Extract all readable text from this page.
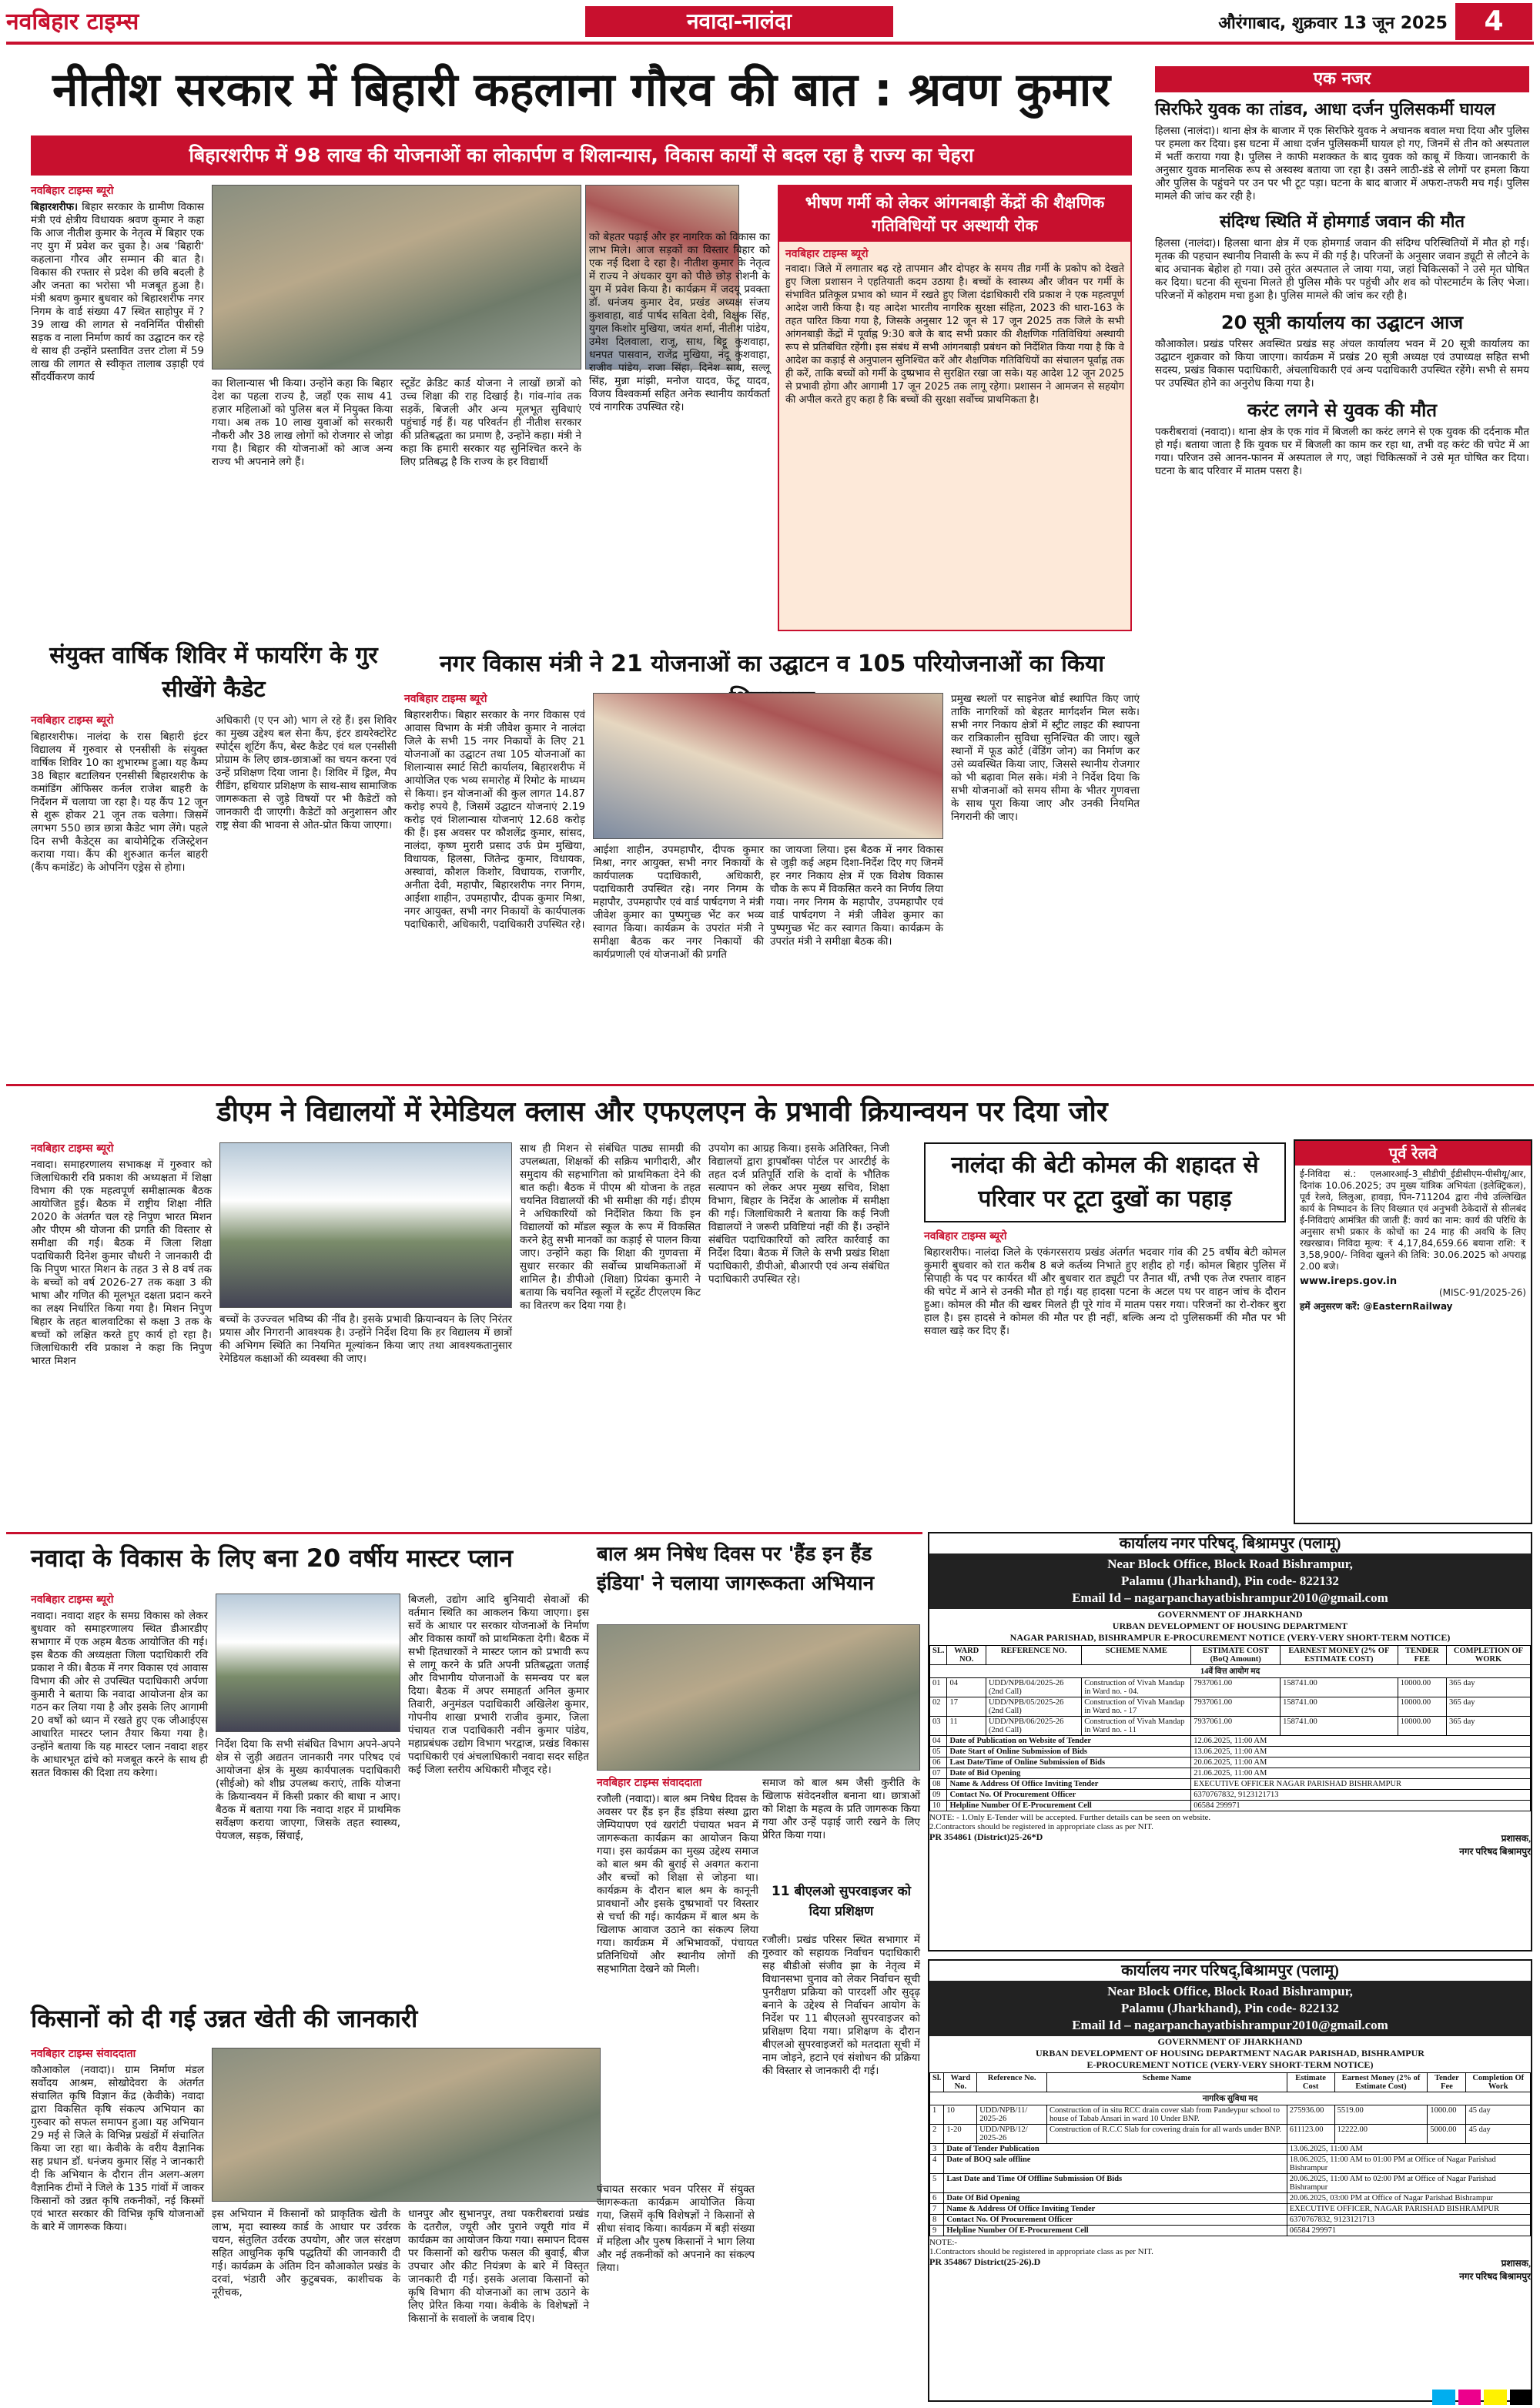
नवबिहार टाइम्स	नवादा-नालंदा	औरंगाबाद, शुक्रवार 13 जून 2025	4
नीतीश सरकार में बिहारी कहलाना गौरव की बात : श्रवण कुमार
बिहारशरीफ में 98 लाख की योजनाओं का लोकार्पण व शिलान्यास, विकास कार्यों से बदल रहा है राज्य का चेहरा
नवबिहार टाइम्स ब्यूरो
बिहारशरीफ। बिहार सरकार के ग्रामीण विकास मंत्री एवं क्षेत्रीय विधायक श्रवण कुमार ने कहा कि आज नीतीश कुमार के नेतृत्व में बिहार एक नए युग में प्रवेश कर चुका है। अब 'बिहारी' कहलाना गौरव और सम्मान की बात है। विकास की रफ्तार से प्रदेश की छवि बदली है और जनता का भरोसा भी मजबूत हुआ है। मंत्री श्रवण कुमार बुधवार को बिहारशरीफ नगर निगम के वार्ड संख्या 47 स्थित साहोपुर में ?39 लाख की लागत से नवनिर्मित पीसीसी सड़क व नाला निर्माण कार्य का उद्घाटन कर रहे थे साथ ही उन्होंने प्रस्तावित उत्तर टोला में 59 लाख की लागत से स्वीकृत तालाब उड़ाही एवं सौंदर्यीकरण कार्य	का शिलान्यास भी किया। उन्होंने कहा कि बिहार देश का पहला राज्य है, जहाँ एक साथ 41 हज़ार महिलाओं को पुलिस बल में नियुक्त किया गया। अब तक 10 लाख युवाओं को सरकारी नौकरी और 38 लाख लोगों को रोजगार से जोड़ा गया है। बिहार की योजनाओं को आज अन्य राज्य भी अपनाने लगे हैं।
स्टूडेंट क्रेडिट कार्ड योजना ने लाखों छात्रों को उच्च शिक्षा की राह दिखाई है। गांव-गांव तक सड़कें, बिजली और अन्य मूलभूत सुविधाएं पहुंचाई गई हैं। यह परिवर्तन ही नीतीश सरकार की प्रतिबद्धता का प्रमाण है, उन्होंने कहा। मंत्री ने कहा कि हमारी सरकार यह सुनिश्चित करने के लिए प्रतिबद्ध है कि राज्य के हर विद्यार्थी
को बेहतर पढ़ाई और हर नागरिक को विकास का लाभ मिले। आज सड़कों का विस्तार बिहार को एक नई दिशा दे रहा है। नीतीश कुमार के नेतृत्व में राज्य ने अंधकार युग को पीछे छोड़ रोशनी के युग में प्रवेश किया है। कार्यक्रम में जदयू प्रवक्ता डॉ. धनंजय कुमार देव, प्रखंड अध्यक्ष संजय कुशवाहा, वार्ड पार्षद सविता देवी, विक्षुक सिंह, युगल किशोर मुखिया, जयंत शर्मा, नीतीश पांडेय, उमेश दिलवाला, राजू, साथ, बिट्टू कुशवाहा, धनपत पासवान, राजेंद्र मुखिया, नंदू कुशवाहा, राजीव पांडेय, राजा सिंहा, दिनेश साव, सल्लू सिंह, मुन्ना मांझी, मनोज यादव, फेंटू यादव, विजय विश्वकर्मा सहित अनेक स्थानीय कार्यकर्ता एवं नागरिक उपस्थित रहे।
भीषण गर्मी को लेकर आंगनबाड़ी केंद्रों की शैक्षणिक गतिविधियों पर अस्थायी रोक
नवबिहार टाइम्स ब्यूरो
नवादा। जिले में लगातार बढ़ रहे तापमान और दोपहर के समय तीव्र गर्मी के प्रकोप को देखते हुए जिला प्रशासन ने एहतियाती कदम उठाया है। बच्चों के स्वास्थ्य और जीवन पर गर्मी के संभावित प्रतिकूल प्रभाव को ध्यान में रखते हुए जिला दंडाधिकारी रवि प्रकाश ने एक महत्वपूर्ण आदेश जारी किया है। यह आदेश भारतीय नागरिक सुरक्षा संहिता, 2023 की धारा-163 के तहत पारित किया गया है, जिसके अनुसार 12 जून से 17 जून 2025 तक जिले के सभी आंगनबाड़ी केंद्रों में पूर्वाह्न 9:30 बजे के बाद सभी प्रकार की शैक्षणिक गतिविधियां अस्थायी रूप से प्रतिबंधित रहेंगी। इस संबंध में सभी आंगनबाड़ी प्रबंधन को निर्देशित किया गया है कि वे आदेश का कड़ाई से अनुपालन सुनिश्चित करें और शैक्षणिक गतिविधियों का संचालन पूर्वाह्न तक ही करें, ताकि बच्चों को गर्मी के दुष्प्रभाव से सुरक्षित रखा जा सके। यह आदेश 12 जून 2025 से प्रभावी होगा और आगामी 17 जून 2025 तक लागू रहेगा। प्रशासन ने आमजन से सहयोग की अपील करते हुए कहा है कि बच्चों की सुरक्षा सर्वोच्च प्राथमिकता है।
एक नजर
सिरफिरे युवक का तांडव, आधा दर्जन पुलिसकर्मी घायल
हिलसा (नालंदा)। थाना क्षेत्र के बाजार में एक सिरफिरे युवक ने अचानक बवाल मचा दिया और पुलिस पर हमला कर दिया। इस घटना में आधा दर्जन पुलिसकर्मी घायल हो गए, जिनमें से तीन को अस्पताल में भर्ती कराया गया है। पुलिस ने काफी मशक्कत के बाद युवक को काबू में किया। जानकारी के अनुसार युवक मानसिक रूप से अस्वस्थ बताया जा रहा है। उसने लाठी-डंडे से लोगों पर हमला किया और पुलिस के पहुंचने पर उन पर भी टूट पड़ा। घटना के बाद बाजार में अफरा-तफरी मच गई। पुलिस मामले की जांच कर रही है।
संदिग्ध स्थिति में होमगार्ड जवान की मौत
हिलसा (नालंदा)। हिलसा थाना क्षेत्र में एक होमगार्ड जवान की संदिग्ध परिस्थितियों में मौत हो गई। मृतक की पहचान स्थानीय निवासी के रूप में की गई है। परिजनों के अनुसार जवान ड्यूटी से लौटने के बाद अचानक बेहोश हो गया। उसे तुरंत अस्पताल ले जाया गया, जहां चिकित्सकों ने उसे मृत घोषित कर दिया। घटना की सूचना मिलते ही पुलिस मौके पर पहुंची और शव को पोस्टमार्टम के लिए भेजा। परिजनों में कोहराम मचा हुआ है। पुलिस मामले की जांच कर रही है।
20 सूत्री कार्यालय का उद्घाटन आज
कौआकोल। प्रखंड परिसर अवस्थित प्रखंड सह अंचल कार्यालय भवन में 20 सूत्री कार्यालय का उद्घाटन शुक्रवार को किया जाएगा। कार्यक्रम में प्रखंड 20 सूत्री अध्यक्ष एवं उपाध्यक्ष सहित सभी सदस्य, प्रखंड विकास पदाधिकारी, अंचलाधिकारी एवं अन्य पदाधिकारी उपस्थित रहेंगे। सभी से समय पर उपस्थित होने का अनुरोध किया गया है।
करंट लगने से युवक की मौत
पकरीबरावां (नवादा)। थाना क्षेत्र के एक गांव में बिजली का करंट लगने से एक युवक की दर्दनाक मौत हो गई। बताया जाता है कि युवक घर में बिजली का काम कर रहा था, तभी वह करंट की चपेट में आ गया। परिजन उसे आनन-फानन में अस्पताल ले गए, जहां चिकित्सकों ने उसे मृत घोषित कर दिया। घटना के बाद परिवार में मातम पसरा है।
संयुक्त वार्षिक शिविर में फायरिंग के गुर सीखेंगे कैडेट
नवबिहार टाइम्स ब्यूरो
बिहारशरीफ। नालंदा के रास बिहारी इंटर विद्यालय में गुरुवार से एनसीसी के संयुक्त वार्षिक शिविर 10 का शुभारम्भ हुआ। यह कैम्प 38 बिहार बटालियन एनसीसी बिहारशरीफ के कमांडिंग ऑफिसर कर्नल राजेश बाहरी के निर्देशन में चलाया जा रहा है। यह कैंप 12 जून से शुरू होकर 21 जून तक चलेगा। जिसमें लगभग 550 छात्र छात्रा कैडेट भाग लेंगे। पहले दिन सभी कैडेट्स का बायोमेट्रिक रजिस्ट्रेशन कराया गया। कैंप की शुरुआत कर्नल बाहरी (कैंप कमांडेंट) के ओपनिंग एड्रेस से होगा।
अधिकारी (ए एन ओ) भाग ले रहे हैं। इस शिविर का मुख्य उद्देश्य बल सेना कैंप, इंटर डायरेक्टोरेट स्पोर्ट्स शूटिंग कैंप, बेस्ट कैडेट एवं थल एनसीसी प्रोग्राम के लिए छात्र-छात्राओं का चयन करना एवं उन्हें प्रशिक्षण दिया जाना है। शिविर में ड्रिल, मैप रीडिंग, हथियार प्रशिक्षण के साथ-साथ सामाजिक जागरूकता से जुड़े विषयों पर भी कैडेटों को जानकारी दी जाएगी। कैडेटों को अनुशासन और राष्ट्र सेवा की भावना से ओत-प्रोत किया जाएगा।
नगर विकास मंत्री ने 21 योजनाओं का उद्घाटन व 105 परियोजनाओं का किया
नवबिहार टाइम्स ब्यूरो
बिहारशरीफ। बिहार सरकार के नगर विकास एवं आवास विभाग के मंत्री जीवेश कुमार ने नालंदा जिले के सभी 15 नगर निकायों के लिए 21 योजनाओं का उद्घाटन तथा 105 योजनाओं का शिलान्यास स्मार्ट सिटी कार्यालय, बिहारशरीफ में आयोजित एक भव्य समारोह में रिमोट के माध्यम से किया। इन योजनाओं की कुल लागत 14.87 करोड़ रुपये है, जिसमें उद्घाटन योजनाएं 2.19 करोड़ एवं शिलान्यास योजनाएं 12.68 करोड़ की हैं। इस अवसर पर कौशलेंद्र कुमार, सांसद, नालंदा, कृष्ण मुरारी प्रसाद उर्फ प्रेम मुखिया, विधायक, हिलसा, जितेन्द्र कुमार, विधायक, अस्थावां, कौशल किशोर, विधायक, राजगीर, अनीता देवी, महापौर, बिहारशरीफ नगर निगम, आईशा शाहीन, उपमहापौर, दीपक कुमार मिश्रा, नगर आयुक्त, सभी नगर निकायों के कार्यपालक पदाधिकारी, अधिकारी, पदाधिकारी उपस्थित रहे।
का जायजा लिया। इस बैठक में नगर विकास से जुड़ी कई अहम दिशा-निर्देश दिए गए जिनमें हर नगर निकाय क्षेत्र में एक विशेष विकास चौक के रूप में विकसित करने का निर्णय लिया गया। नगर निगम के महापौर, उपमहापौर एवं वार्ड पार्षदगण ने मंत्री जीवेश कुमार का पुष्पगुच्छ भेंट कर स्वागत किया। कार्यक्रम के उपरांत मंत्री ने समीक्षा बैठक की।
प्रमुख स्थलों पर साइनेज बोर्ड स्थापित किए जाएं ताकि नागरिकों को बेहतर मार्गदर्शन मिल सके। सभी नगर निकाय क्षेत्रों में स्ट्रीट लाइट की स्थापना कर रात्रिकालीन सुविधा सुनिश्चित की जाए। खुले स्थानों में फूड कोर्ट (वेंडिंग जोन) का निर्माण कर उसे व्यवस्थित किया जाए, जिससे स्थानीय रोजगार को भी बढ़ावा मिल सके। मंत्री ने निर्देश दिया कि सभी योजनाओं को समय सीमा के भीतर गुणवत्ता के साथ पूरा किया जाए और उनकी नियमित निगरानी की जाए।
आईशा शाहीन, उपमहापौर, दीपक कुमार मिश्रा, नगर आयुक्त, सभी नगर निकायों के कार्यपालक पदाधिकारी, अधिकारी, पदाधिकारी उपस्थित रहे। नगर निगम के महापौर, उपमहापौर एवं वार्ड पार्षदगण ने मंत्री जीवेश कुमार का पुष्पगुच्छ भेंट कर भव्य स्वागत किया। कार्यक्रम के उपरांत मंत्री ने समीक्षा बैठक कर नगर निकायों की कार्यप्रणाली एवं योजनाओं की प्रगति
डीएम ने विद्यालयों में रेमेडियल क्लास और एफएलएन के प्रभावी क्रियान्वयन पर दिया जोर
नवबिहार टाइम्स ब्यूरो
नवादा। समाहरणालय सभाकक्ष में गुरुवार को जिलाधिकारी रवि प्रकाश की अध्यक्षता में शिक्षा विभाग की एक महत्वपूर्ण समीक्षात्मक बैठक आयोजित हुई। बैठक में राष्ट्रीय शिक्षा नीति 2020 के अंतर्गत चल रहे निपुण भारत मिशन और पीएम श्री योजना की प्रगति की विस्तार से समीक्षा की गई। बैठक में जिला शिक्षा पदाधिकारी दिनेश कुमार चौधरी ने जानकारी दी कि निपुण भारत मिशन के तहत 3 से 8 वर्ष तक के बच्चों को वर्ष 2026-27 तक कक्षा 3 की भाषा और गणित की मूलभूत दक्षता प्रदान करने का लक्ष्य निर्धारित किया गया है। मिशन निपुण बिहार के तहत बालवाटिका से कक्षा 3 तक के बच्चों को लक्षित करते हुए कार्य हो रहा है। जिलाधिकारी रवि प्रकाश ने कहा कि निपुण भारत मिशन
बच्चों के उज्ज्वल भविष्य की नींव है। इसके प्रभावी क्रियान्वयन के लिए निरंतर प्रयास और निगरानी आवश्यक है। उन्होंने निर्देश दिया कि हर विद्यालय में छात्रों की अभिगम स्थिति का नियमित मूल्यांकन किया जाए तथा आवश्यकतानुसार रेमेडियल कक्षाओं की व्यवस्था की जाए।
साथ ही मिशन से संबंधित पाठ्य सामग्री की उपलब्धता, शिक्षकों की सक्रिय भागीदारी, और समुदाय की सहभागिता को प्राथमिकता देने की बात कही। बैठक में पीएम श्री योजना के तहत चयनित विद्यालयों की भी समीक्षा की गई। डीएम ने अधिकारियों को निर्देशित किया कि इन विद्यालयों को मॉडल स्कूल के रूप में विकसित करने हेतु सभी मानकों का कड़ाई से पालन किया जाए। उन्होंने कहा कि शिक्षा की गुणवत्ता में सुधार सरकार की सर्वोच्च प्राथमिकताओं में शामिल है। डीपीओ (शिक्षा) प्रियंका कुमारी ने बताया कि चयनित स्कूलों में स्टूडेंट टीएलएम किट का वितरण कर दिया गया है।
उपयोग का आग्रह किया। इसके अतिरिक्त, निजी विद्यालयों द्वारा ड्रापबॉक्स पोर्टल पर आरटीई के तहत दर्ज प्रतिपूर्ति राशि के दावों के भौतिक सत्यापन को लेकर अपर मुख्य सचिव, शिक्षा विभाग, बिहार के निर्देश के आलोक में समीक्षा की गई। जिलाधिकारी ने बताया कि कई निजी विद्यालयों ने जरूरी प्रविष्टियां नहीं की हैं। उन्होंने संबंधित पदाधिकारियों को त्वरित कार्रवाई का निर्देश दिया। बैठक में जिले के सभी प्रखंड शिक्षा पदाधिकारी, डीपीओ, बीआरपी एवं अन्य संबंधित पदाधिकारी उपस्थित रहे।
नालंदा की बेटी कोमल की शहादत से परिवार पर टूटा दुखों का पहाड़
नवबिहार टाइम्स ब्यूरो
बिहारशरीफ। नालंदा जिले के एकंगरसराय प्रखंड अंतर्गत भदवार गांव की 25 वर्षीय बेटी कोमल कुमारी बुधवार को रात करीब 8 बजे कर्तव्य निभाते हुए शहीद हो गईं। कोमल बिहार पुलिस में सिपाही के पद पर कार्यरत थीं और बुधवार रात ड्यूटी पर तैनात थीं, तभी एक तेज रफ्तार वाहन की चपेट में आने से उनकी मौत हो गई। यह हादसा पटना के अटल पथ पर वाहन जांच के दौरान हुआ। कोमल की मौत की खबर मिलते ही पूरे गांव में मातम पसर गया। परिजनों का रो-रोकर बुरा हाल है। इस हादसे ने कोमल की मौत पर ही नहीं, बल्कि अन्य दो पुलिसकर्मी की मौत पर भी सवाल खड़े कर दिए हैं।
पूर्व रेलवे
ई-निविदा सं.: एलआरआई-3_सीडीपी_ईडीसीएम-पीसीयू/आर, दिनांक 10.06.2025; उप मुख्य यांत्रिक अभियंता (इलेक्ट्रिकल), पूर्व रेलवे, लिलुआ, हावड़ा, पिन-711204 द्वारा नीचे उल्लिखित कार्य के निष्पादन के लिए विख्यात एवं अनुभवी ठेकेदारों से सीलबंद ई-निविदाएं आमंत्रित की जाती हैं: कार्य का नाम: कार्य की परिधि के अनुसार सभी प्रकार के कोचों का 24 माह की अवधि के लिए रखरखाव। निविदा मूल्य: ₹ 4,17,84,659.66 बयाना राशि: ₹ 3,58,900/- निविदा खुलने की तिथि: 30.06.2025 को अपराह्न 2.00 बजे।
www.ireps.gov.in
(MISC-91/2025-26)
हमें अनुसरण करें: @EasternRailway
नवादा के विकास के लिए बना 20 वर्षीय मास्टर प्लान
नवबिहार टाइम्स ब्यूरो
नवादा। नवादा शहर के समग्र विकास को लेकर बुधवार को समाहरणालय स्थित डीआरडीए सभागार में एक अहम बैठक आयोजित की गई। इस बैठक की अध्यक्षता जिला पदाधिकारी रवि प्रकाश ने की। बैठक में नगर विकास एवं आवास विभाग की ओर से उपस्थित पदाधिकारी अर्पणा कुमारी ने बताया कि नवादा आयोजना क्षेत्र का गठन कर लिया गया है और इसके लिए आगामी 20 वर्षों को ध्यान में रखते हुए एक जीआईएस आधारित मास्टर प्लान तैयार किया गया है। उन्होंने बताया कि यह मास्टर प्लान नवादा शहर के आधारभूत ढांचे को मजबूत करने के साथ ही सतत विकास की दिशा तय करेगा।
निर्देश दिया कि सभी संबंधित विभाग अपने-अपने क्षेत्र से जुड़ी अद्यतन जानकारी नगर परिषद एवं आयोजना क्षेत्र के मुख्य कार्यपालक पदाधिकारी (सीईओ) को शीघ्र उपलब्ध कराएं, ताकि योजना के क्रियान्वयन में किसी प्रकार की बाधा न आए। बैठक में बताया गया कि नवादा शहर में प्राथमिक सर्वेक्षण कराया जाएगा, जिसके तहत स्वास्थ्य, पेयजल, सड़क, सिंचाई,
बिजली, उद्योग आदि बुनियादी सेवाओं की वर्तमान स्थिति का आकलन किया जाएगा। इस सर्वे के आधार पर सरकार योजनाओं के निर्माण और विकास कार्यों को प्राथमिकता देगी। बैठक में सभी हितधारकों ने मास्टर प्लान को प्रभावी रूप से लागू करने के प्रति अपनी प्रतिबद्धता जताई और विभागीय योजनाओं के समन्वय पर बल दिया। बैठक में अपर समाहर्ता अनिल कुमार तिवारी, अनुमंडल पदाधिकारी अखिलेश कुमार, गोपनीय शाखा प्रभारी राजीव कुमार, जिला पंचायत राज पदाधिकारी नवीन कुमार पांडेय, महाप्रबंधक उद्योग विभाग भरद्वाज, प्रखंड विकास पदाधिकारी एवं अंचलाधिकारी नवादा सदर सहित कई जिला स्तरीय अधिकारी मौजूद रहे।
बाल श्रम निषेध दिवस पर 'हैंड इन हैंड इंडिया' ने चलाया जागरूकता अभियान
नवबिहार टाइम्स संवाददाता
रजौली (नवादा)। बाल श्रम निषेध दिवस के अवसर पर हैंड इन हैंड इंडिया संस्था द्वारा जेम्पियापण एवं खरांटी पंचायत भवन में जागरूकता कार्यक्रम का आयोजन किया गया। इस कार्यक्रम का मुख्य उद्देश्य समाज को बाल श्रम की बुराई से अवगत कराना और बच्चों को शिक्षा से जोड़ना था। कार्यक्रम के दौरान बाल श्रम के कानूनी प्रावधानों और इसके दुष्प्रभावों पर विस्तार से चर्चा की गई। कार्यक्रम में बाल श्रम के खिलाफ आवाज उठाने का संकल्प लिया गया। कार्यक्रम में अभिभावकों, पंचायत प्रतिनिधियों और स्थानीय लोगों की सहभागिता देखने को मिली।
समाज को बाल श्रम जैसी कुरीति के खिलाफ संवेदनशील बनाना था। छात्राओं को शिक्षा के महत्व के प्रति जागरूक किया गया और उन्हें पढ़ाई जारी रखने के लिए प्रेरित किया गया।
11 बीएलओ सुपरवाइजर को दिया प्रशिक्षण
रजौली। प्रखंड परिसर स्थित सभागार में गुरुवार को सहायक निर्वाचन पदाधिकारी सह बीडीओ संजीव झा के नेतृत्व में विधानसभा चुनाव को लेकर निर्वाचन सूची पुनरीक्षण प्रक्रिया को पारदर्शी और सुदृढ़ बनाने के उद्देश्य से निर्वाचन आयोग के निर्देश पर 11 बीएलओ सुपरवाइजर को प्रशिक्षण दिया गया। प्रशिक्षण के दौरान बीएलओ सुपरवाइजरों को मतदाता सूची में नाम जोड़ने, हटाने एवं संशोधन की प्रक्रिया की विस्तार से जानकारी दी गई।
किसानों को दी गई उन्नत खेती की जानकारी
नवबिहार टाइम्स संवाददाता
कौआकोल (नवादा)। ग्राम निर्माण मंडल सर्वोदय आश्रम, सोखोदेवरा के अंतर्गत संचालित कृषि विज्ञान केंद्र (केवीके) नवादा द्वारा विकसित कृषि संकल्प अभियान का गुरुवार को सफल समापन हुआ। यह अभियान 29 मई से जिले के विभिन्न प्रखंडों में संचालित किया जा रहा था। केवीके के वरीय वैज्ञानिक सह प्रधान डॉ. धनंजय कुमार सिंह ने जानकारी दी कि अभियान के दौरान तीन अलग-अलग वैज्ञानिक टीमों ने जिले के 135 गांवों में जाकर किसानों को उन्नत कृषि तकनीकों, नई किस्मों एवं भारत सरकार की विभिन्न कृषि योजनाओं के बारे में जागरूक किया।
इस अभियान में किसानों को प्राकृतिक खेती के लाभ, मृदा स्वास्थ्य कार्ड के आधार पर उर्वरक चयन, संतुलित उर्वरक उपयोग, और जल संरक्षण सहित आधुनिक कृषि पद्धतियों की जानकारी दी गई। कार्यक्रम के अंतिम दिन कौआकोल प्रखंड के दरवां, भंडारी और कुटुबचक, काशीचक के नूरीचक,
धानपुर और सुभानपुर, तथा पकरीबरावां प्रखंड के दतरौल, ज्यूरी और पुराने ज्यूरी गांव में कार्यक्रम का आयोजन किया गया। समापन दिवस पर किसानों को खरीफ फसल की बुवाई, बीज उपचार और कीट नियंत्रण के बारे में विस्तृत जानकारी दी गई। इसके अलावा किसानों को कृषि विभाग की योजनाओं का लाभ उठाने के लिए प्रेरित किया गया। केवीके के विशेषज्ञों ने किसानों के सवालों के जवाब दिए।
पंचायत सरकार भवन परिसर में संयुक्त जागरूकता कार्यक्रम आयोजित किया गया, जिसमें कृषि विशेषज्ञों ने किसानों से सीधा संवाद किया। कार्यक्रम में बड़ी संख्या में महिला और पुरुष किसानों ने भाग लिया और नई तकनीकों को अपनाने का संकल्प लिया।
कार्यालय नगर परिषद्, बिश्रामपुर (पलामू)
Near Block Office, Block Road Bishrampur,
Palamu (Jharkhand), Pin code- 822132
Email Id – nagarpanchayatbishrampur2010@gmail.com
GOVERNMENT OF JHARKHAND
URBAN DEVELOPMENT OF HOUSING DEPARTMENT
NAGAR PARISHAD, BISHRAMPUR E-PROCUREMENT NOTICE (VERY-VERY SHORT-TERM NOTICE)
SL.	WARD NO.	REFERENCE NO.	SCHEME NAME	ESTIMATE COST (BoQ Amount)	EARNEST MONEY (2% OF ESTIMATE COST)	TENDER FEE	COMPLETION OF WORK
14वें वित्त आयोग मद							
01	04	UDD/NPB/04/2025-26 (2nd Call)	Construction of Vivah Mandap in Ward no. - 04.	7937061.00	158741.00	10000.00	365 day
02	17	UDD/NPB/05/2025-26 (2nd Call)	Construction of Vivah Mandap in Ward no. - 17	7937061.00	158741.00	10000.00	365 day
03	11	UDD/NPB/06/2025-26 (2nd Call)	Construction of Vivah Mandap in Ward no. - 11	7937061.00	158741.00	10000.00	365 day
04	Date of Publication on Website of Tender			12.06.2025, 11:00 AM			
05	Date Start of Online Submission of Bids			13.06.2025, 11:00 AM			
06	Last Date/Time of Online Submission of Bids			20.06.2025, 11:00 AM			
07	Date of Bid Opening			21.06.2025, 11:00 AM			
08	Name & Address Of Office Inviting Tender			EXECUTIVE OFFICER NAGAR PARISHAD BISHRAMPUR			
09	Contact No. Of Procurement Officer			6370767832, 9123121713			
10	Helpline Number Of E-Procurement Cell			06584 299971			
NOTE: - 1.Only E-Tender will be accepted. Further details can be seen on website.
2.Contractors should be registered in appropriate class as per NIT.
PR 354861 (District)25-26*D	प्रशासक,
नगर परिषद बिश्रामपुर
कार्यालय नगर परिषद्,बिश्रामपुर (पलामू)
Near Block Office, Block Road Bishrampur,
Palamu (Jharkhand), Pin code- 822132
Email Id – nagarpanchayatbishrampur2010@gmail.com
GOVERNMENT OF JHARKHAND
URBAN DEVELOPMENT OF HOUSING DEPARTMENT NAGAR PARISHAD, BISHRAMPUR
E-PROCUREMENT NOTICE (VERY-VERY SHORT-TERM NOTICE)
Sl.	Ward No.	Reference No.	Scheme Name	Estimate Cost	Earnest Money (2% of Estimate Cost)	Tender Fee	Completion Of Work
नागरिक सुविधा मद							
1	10	UDD/NPB/11/ 2025-26	Construction of in situ RCC drain cover slab from Pandeypur school to house of Tabab Ansari in ward 10 Under BNP.	275936.00	5519.00	1000.00	45 day
2	1-20	UDD/NPB/12/ 2025-26	Construction of R.C.C Slab for covering drain for all wards under BNP.	611123.00	12222.00	5000.00	45 day
3	Date of Tender Publication			13.06.2025, 11:00 AM			
4	Date of BOQ sale offline			18.06.2025, 11:00 AM to 01:00 PM at Office of Nagar Parishad Bishrampur			
5	Last Date and Time Of Offline Submission Of Bids			20.06.2025, 11:00 AM to 02:00 PM at Office of Nagar Parishad Bishrampur			
6	Date Of Bid Opening			20.06.2025, 03:00 PM at Office of Nagar Parishad Bishrampur			
7	Name & Address Of Office Inviting Tender			EXECUTIVE OFFICER, NAGAR PARISHAD BISHRAMPUR			
8	Contact No. Of Procurement Officer			6370767832, 9123121713			
9	Helpline Number Of E-Procurement Cell			06584 299971			
NOTE:-
1.Contractors should be registered in appropriate class as per NIT.
PR 354867 District(25-26).D	प्रशासक,
नगर परिषद बिश्रामपुर
